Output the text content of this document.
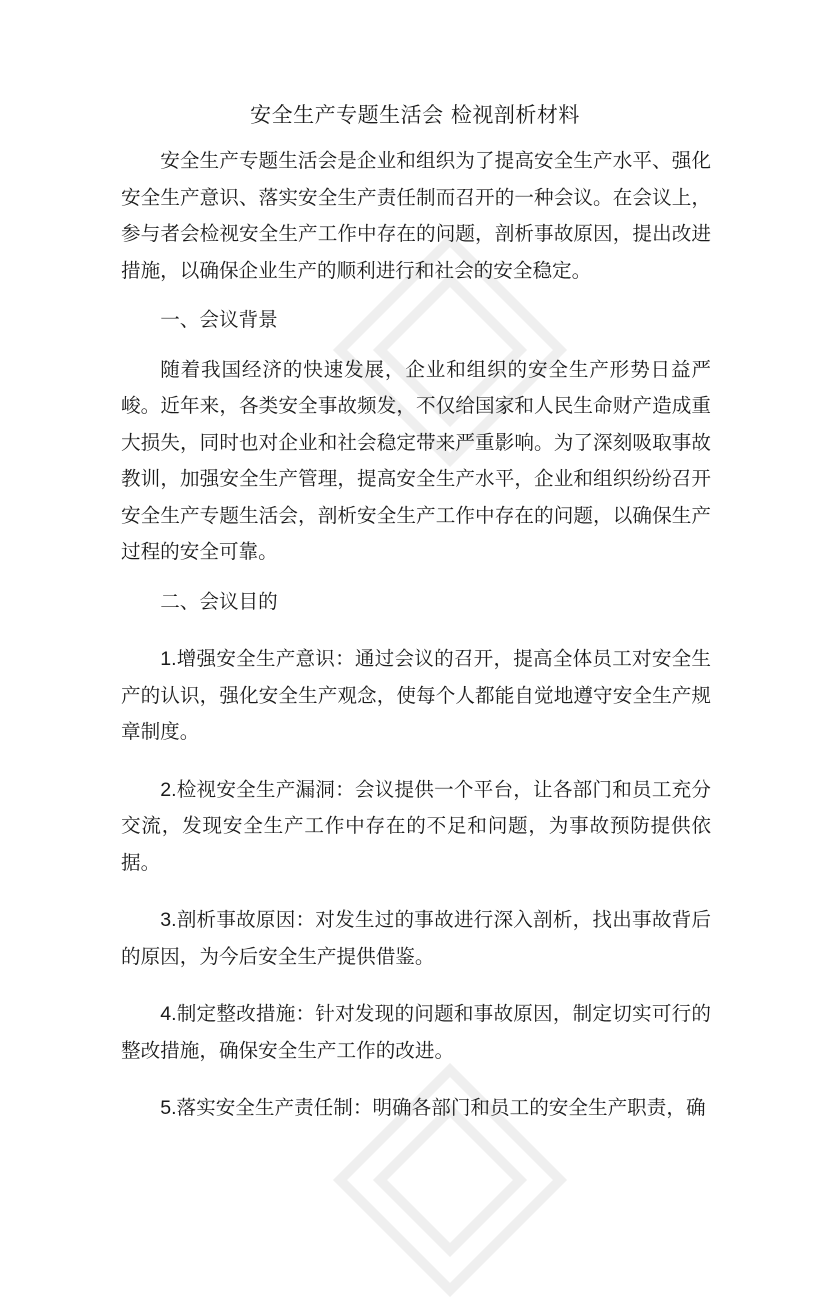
安全生产专题生活会 检视剖析材料

安全生产专题生活会是企业和组织为了提高安全生产水平、强化安全生产意识、落实安全生产责任制而召开的一种会议。在会议上，参与者会检视安全生产工作中存在的问题，剖析事故原因，提出改进措施，以确保企业生产的顺利进行和社会的安全稳定。

一、会议背景

随着我国经济的快速发展，企业和组织的安全生产形势日益严峻。近年来，各类安全事故频发，不仅给国家和人民生命财产造成重大损失，同时也对企业和社会稳定带来严重影响。为了深刻吸取事故教训，加强安全生产管理，提高安全生产水平，企业和组织纷纷召开安全生产专题生活会，剖析安全生产工作中存在的问题，以确保生产过程的安全可靠。

二、会议目的

1.增强安全生产意识：通过会议的召开，提高全体员工对安全生产的认识，强化安全生产观念，使每个人都能自觉地遵守安全生产规章制度。

2.检视安全生产漏洞：会议提供一个平台，让各部门和员工充分交流，发现安全生产工作中存在的不足和问题，为事故预防提供依据。

3.剖析事故原因：对发生过的事故进行深入剖析，找出事故背后的原因，为今后安全生产提供借鉴。

4.制定整改措施：针对发现的问题和事故原因，制定切实可行的整改措施，确保安全生产工作的改进。

5.落实安全生产责任制：明确各部门和员工的安全生产职责，确
